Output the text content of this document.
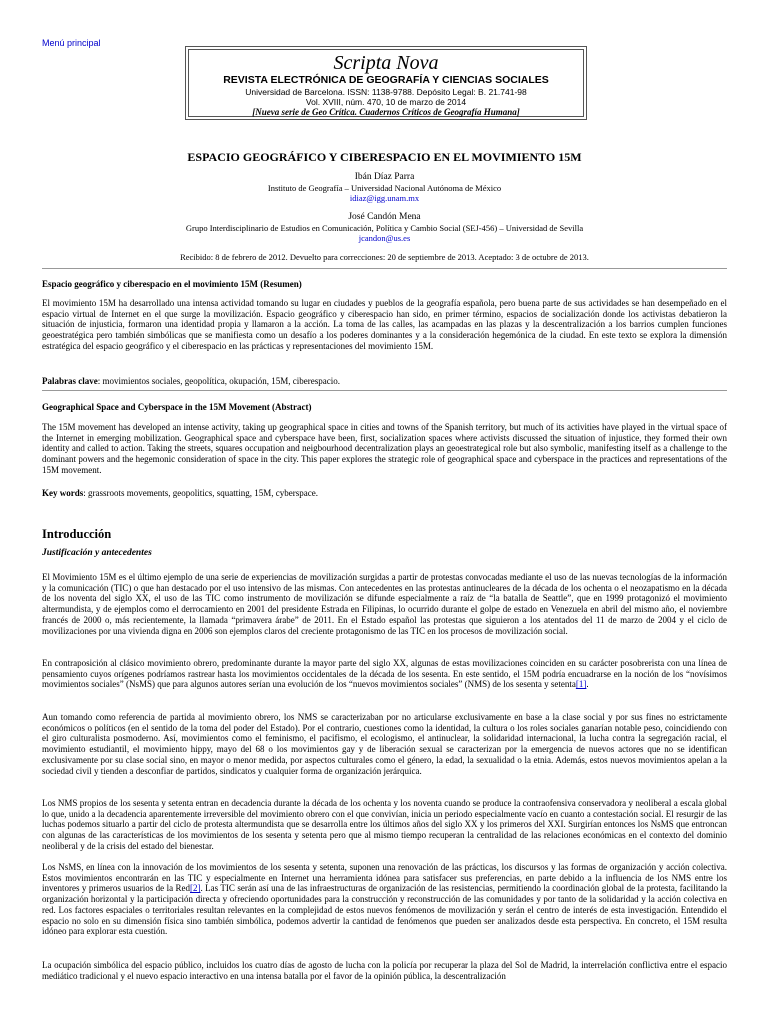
Menú principal
Scripta Nova
REVISTA ELECTRÓNICA DE GEOGRAFÍA Y CIENCIAS SOCIALES
Universidad de Barcelona. ISSN: 1138-9788. Depósito Legal: B. 21.741-98
Vol. XVIII, núm. 470, 10 de marzo de 2014
[Nueva serie de Geo Crítica. Cuadernos Críticos de Geografía Humana]
ESPACIO GEOGRÁFICO Y CIBERESPACIO EN EL MOVIMIENTO 15M
Ibán Díaz Parra
Instituto de Geografía – Universidad Nacional Autónoma de México
idiaz@igg.unam.mx
José Candón Mena
Grupo Interdisciplinario de Estudios en Comunicación, Política y Cambio Social (SEJ-456) – Universidad de Sevilla
jcandon@us.es
Recibido: 8 de febrero de 2012. Devuelto para correcciones: 20 de septiembre de 2013. Aceptado: 3 de octubre de 2013.
Espacio geográfico y ciberespacio en el movimiento 15M (Resumen)
El movimiento 15M ha desarrollado una intensa actividad tomando su lugar en ciudades y pueblos de la geografía española, pero buena parte de sus actividades se han desempeñado en el espacio virtual de Internet en el que surge la movilización. Espacio geográfico y ciberespacio han sido, en primer término, espacios de socialización donde los activistas debatieron la situación de injusticia, formaron una identidad propia y llamaron a la acción. La toma de las calles, las acampadas en las plazas y la descentralización a los barrios cumplen funciones geoestratégica pero también simbólicas que se manifiesta como un desafío a los poderes dominantes y a la consideración hegemónica de la ciudad. En este texto se explora la dimensión estratégica del espacio geográfico y el ciberespacio en las prácticas y representaciones del movimiento 15M.
Palabras clave: movimientos sociales, geopolítica, okupación, 15M, ciberespacio.
Geographical Space and Cyberspace in the 15M Movement (Abstract)
The 15M movement has developed an intense activity, taking up geographical space in cities and towns of the Spanish territory, but much of its activities have played in the virtual space of the Internet in emerging mobilization. Geographical space and cyberspace have been, first, socialization spaces where activists discussed the situation of injustice, they formed their own identity and called to action. Taking the streets, squares occupation and neigbourhood decentralization plays an geoestrategical role but also symbolic, manifesting itself as a challenge to the dominant powers and the hegemonic consideration of space in the city. This paper explores the strategic role of geographical space and cyberspace in the practices and representations of the 15M movement.
Key words: grassroots movements, geopolitics, squatting, 15M, cyberspace.
Introducción
Justificación y antecedentes
El Movimiento 15M es el último ejemplo de una serie de experiencias de movilización surgidas a partir de protestas convocadas mediante el uso de las nuevas tecnologías de la información y la comunicación (TIC) o que han destacado por el uso intensivo de las mismas. Con antecedentes en las protestas antinucleares de la década de los ochenta o el neozapatismo en la década de los noventa del siglo XX, el uso de las TIC como instrumento de movilización se difunde especialmente a raíz de “la batalla de Seattle”, que en 1999 protagonizó el movimiento altermundista, y de ejemplos como el derrocamiento en 2001 del presidente Estrada en Filipinas, lo ocurrido durante el golpe de estado en Venezuela en abril del mismo año, el noviembre francés de 2000 o, más recientemente, la llamada “primavera árabe” de 2011. En el Estado español las protestas que siguieron a los atentados del 11 de marzo de 2004 y el ciclo de movilizaciones por una vivienda digna en 2006 son ejemplos claros del creciente protagonismo de las TIC en los procesos de movilización social.
En contraposición al clásico movimiento obrero, predominante durante la mayor parte del siglo XX, algunas de estas movilizaciones coinciden en su carácter posobrerista con una línea de pensamiento cuyos orígenes podríamos rastrear hasta los movimientos occidentales de la década de los sesenta. En este sentido, el 15M podría encuadrarse en la noción de los “novísimos movimientos sociales” (NsMS) que para algunos autores serían una evolución de los “nuevos movimientos sociales” (NMS) de los sesenta y setenta[1].
Aun tomando como referencia de partida al movimiento obrero, los NMS se caracterizaban por no articularse exclusivamente en base a la clase social y por sus fines no estrictamente económicos o políticos (en el sentido de la toma del poder del Estado). Por el contrario, cuestiones como la identidad, la cultura o los roles sociales ganarían notable peso, coincidiendo con el giro culturalista posmoderno. Así, movimientos como el feminismo, el pacifismo, el ecologismo, el antinuclear, la solidaridad internacional, la lucha contra la segregación racial, el movimiento estudiantil, el movimiento hippy, mayo del 68 o los movimientos gay y de liberación sexual se caracterizan por la emergencia de nuevos actores que no se identifican exclusivamente por su clase social sino, en mayor o menor medida, por aspectos culturales como el género, la edad, la sexualidad o la etnia. Además, estos nuevos movimientos apelan a la sociedad civil y tienden a desconfiar de partidos, sindicatos y cualquier forma de organización jerárquica.
Los NMS propios de los sesenta y setenta entran en decadencia durante la década de los ochenta y los noventa cuando se produce la contraofensiva conservadora y neoliberal a escala global lo que, unido a la decadencia aparentemente irreversible del movimiento obrero con el que convivían, inicia un periodo especialmente vacío en cuanto a contestación social. El resurgir de las luchas podemos situarlo a partir del ciclo de protesta altermundista que se desarrolla entre los últimos años del siglo XX y los primeros del XXI. Surgirían entonces los NsMS que entroncan con algunas de las características de los movimientos de los sesenta y setenta pero que al mismo tiempo recuperan la centralidad de las relaciones económicas en el contexto del dominio neoliberal y de la crisis del estado del bienestar.
Los NsMS, en línea con la innovación de los movimientos de los sesenta y setenta, suponen una renovación de las prácticas, los discursos y las formas de organización y acción colectiva. Estos movimientos encontrarán en las TIC y especialmente en Internet una herramienta idónea para satisfacer sus preferencias, en parte debido a la influencia de los NMS entre los inventores y primeros usuarios de la Red[2]. Las TIC serán así una de las infraestructuras de organización de las resistencias, permitiendo la coordinación global de la protesta, facilitando la organización horizontal y la participación directa y ofreciendo oportunidades para la construcción y reconstrucción de las comunidades y por tanto de la solidaridad y la acción colectiva en red. Los factores espaciales o territoriales resultan relevantes en la complejidad de estos nuevos fenómenos de movilización y serán el centro de interés de esta investigación. Entendido el espacio no solo en su dimensión física sino también simbólica, podemos advertir la cantidad de fenómenos que pueden ser analizados desde esta perspectiva. En concreto, el 15M resulta idóneo para explorar esta cuestión.
La ocupación simbólica del espacio público, incluidos los cuatro días de agosto de lucha con la policía por recuperar la plaza del Sol de Madrid, la interrelación conflictiva entre el espacio mediático tradicional y el nuevo espacio interactivo en una intensa batalla por el favor de la opinión pública, la descentralización
